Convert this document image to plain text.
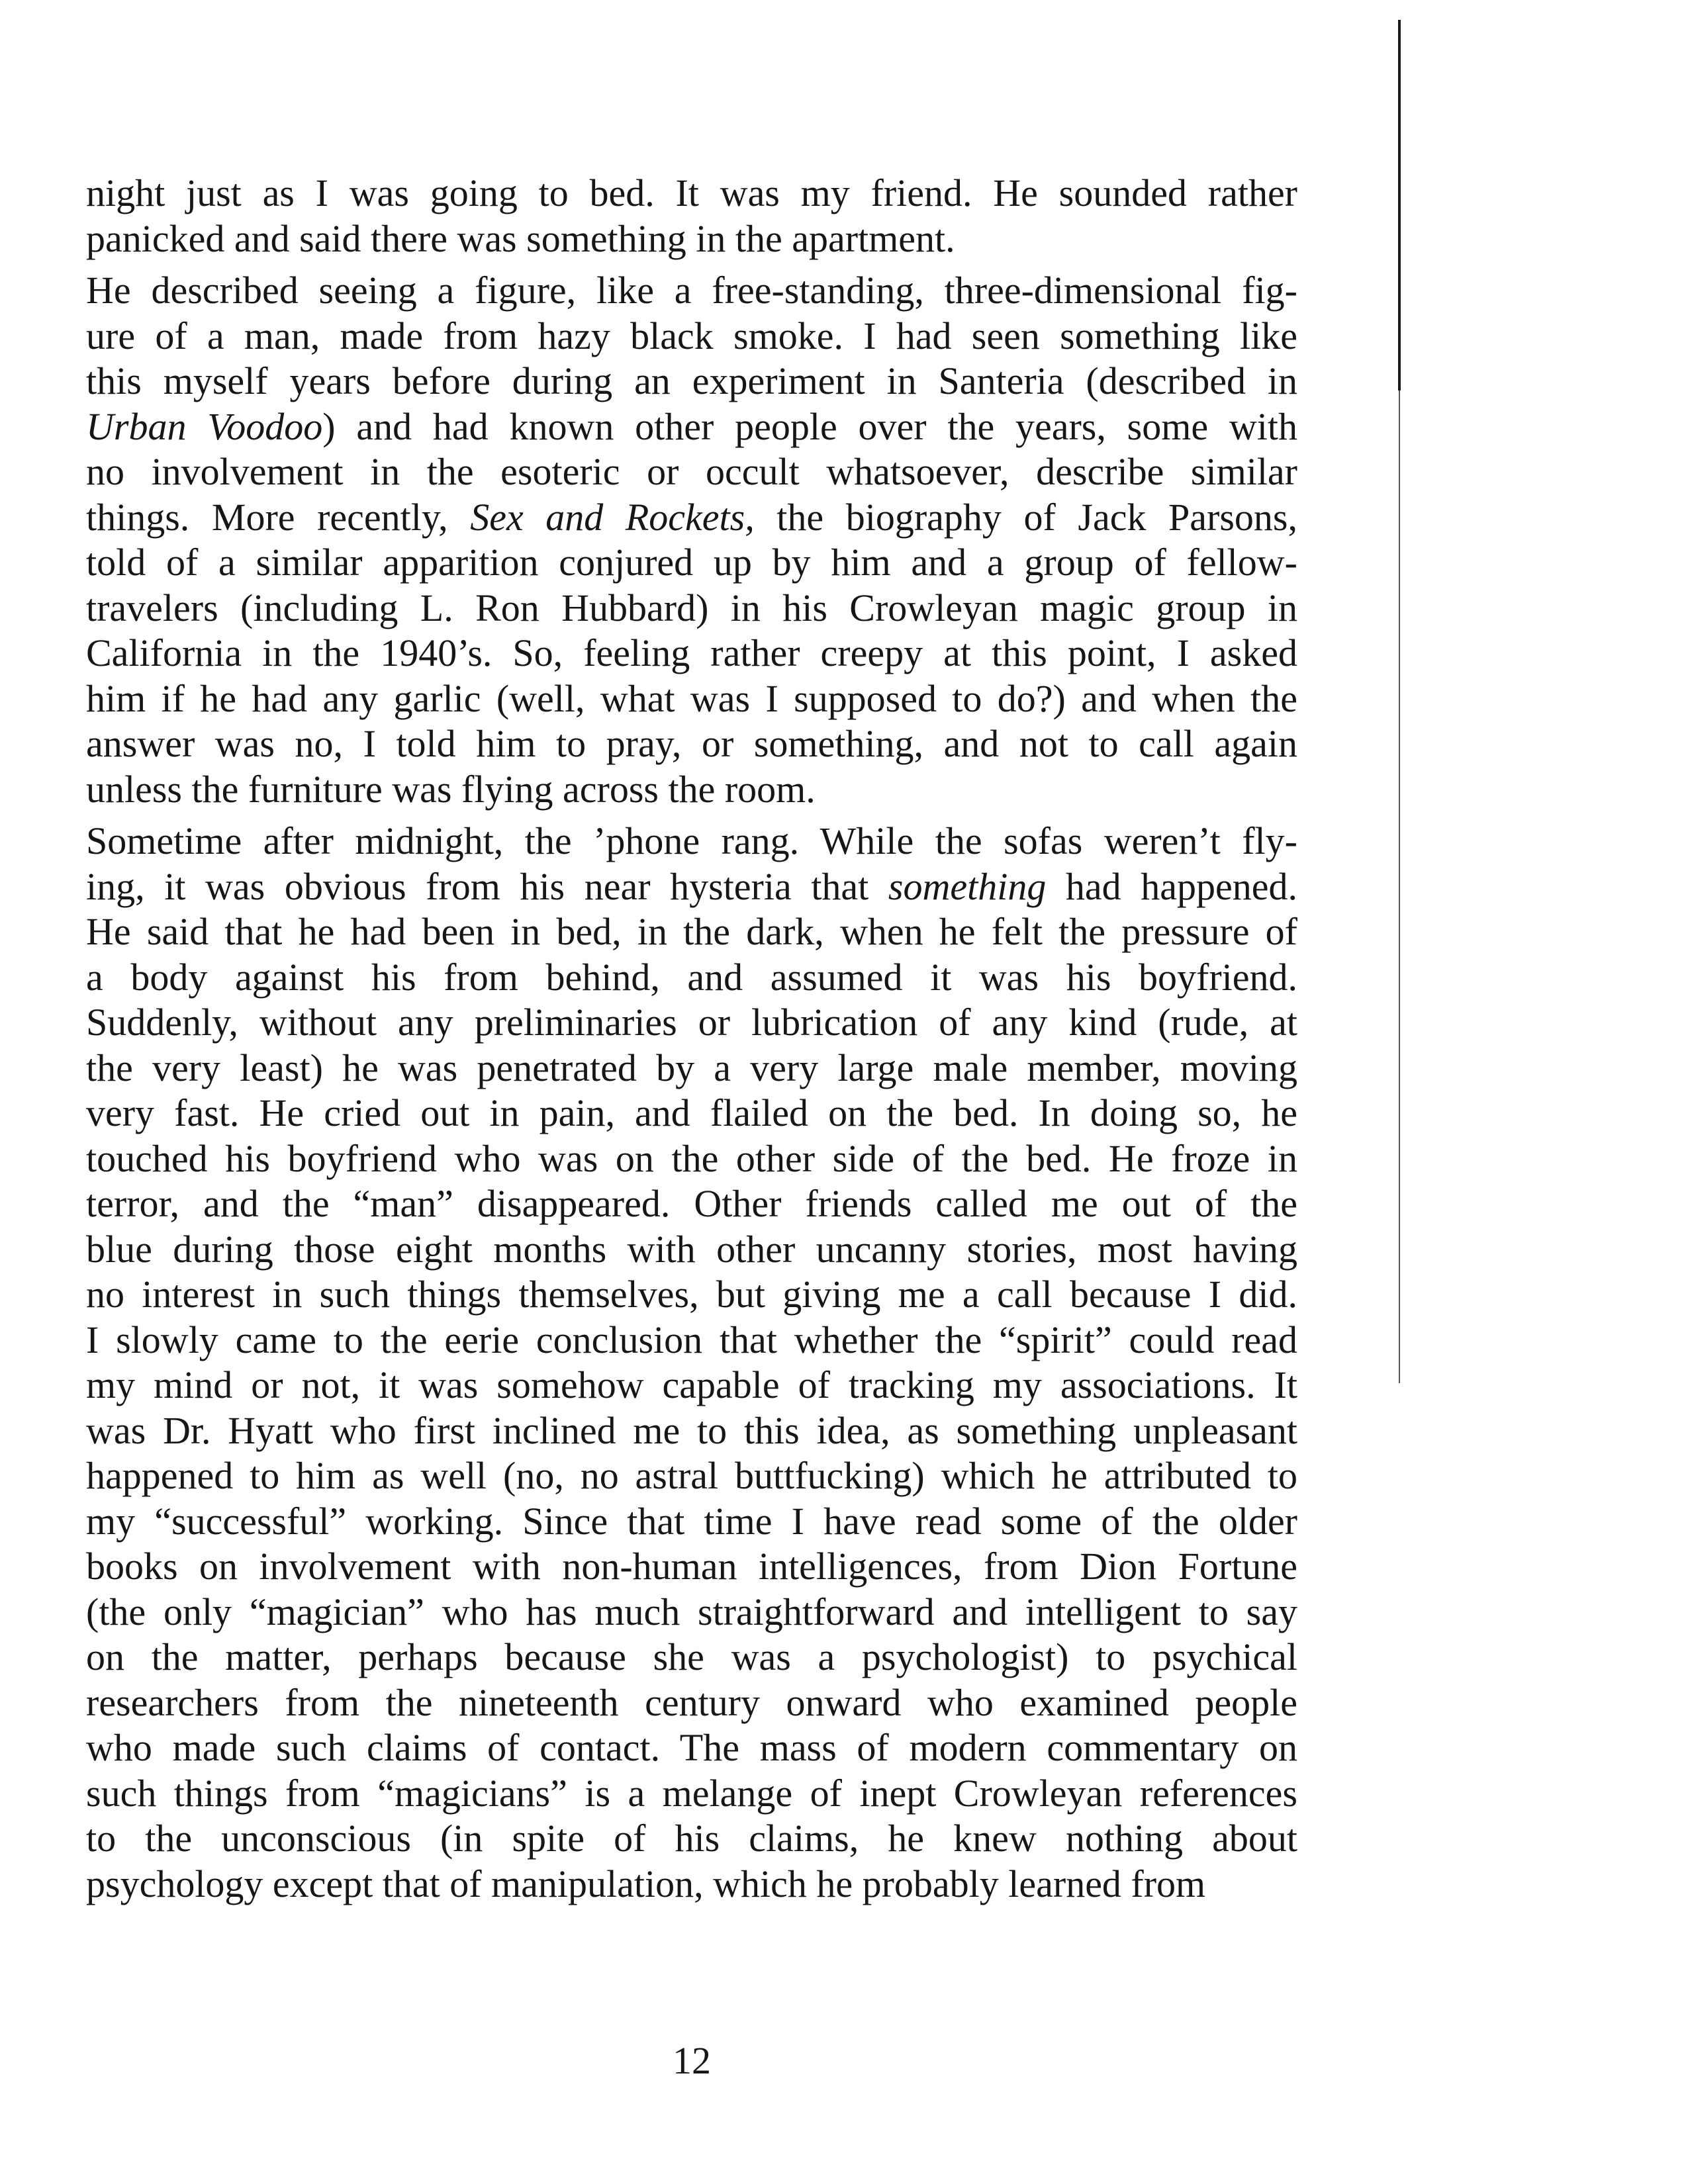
night just as I was going to bed. It was my friend. He sounded rather
panicked and said there was something in the apartment.
He described seeing a figure, like a free-standing, three-dimensional fig-
ure of a man, made from hazy black smoke. I had seen something like
this myself years before during an experiment in Santeria (described in
Urban Voodoo) and had known other people over the years, some with
no involvement in the esoteric or occult whatsoever, describe similar
things. More recently, Sex and Rockets, the biography of Jack Parsons,
told of a similar apparition conjured up by him and a group of fellow-
travelers (including L. Ron Hubbard) in his Crowleyan magic group in
California in the 1940’s. So, feeling rather creepy at this point, I asked
him if he had any garlic (well, what was I supposed to do?) and when the
answer was no, I told him to pray, or something, and not to call again
unless the furniture was flying across the room.
Sometime after midnight, the ’phone rang. While the sofas weren’t fly-
ing, it was obvious from his near hysteria that something had happened.
He said that he had been in bed, in the dark, when he felt the pressure of
a body against his from behind, and assumed it was his boyfriend.
Suddenly, without any preliminaries or lubrication of any kind (rude, at
the very least) he was penetrated by a very large male member, moving
very fast. He cried out in pain, and flailed on the bed. In doing so, he
touched his boyfriend who was on the other side of the bed. He froze in
terror, and the “man” disappeared. Other friends called me out of the
blue during those eight months with other uncanny stories, most having
no interest in such things themselves, but giving me a call because I did.
I slowly came to the eerie conclusion that whether the “spirit” could read
my mind or not, it was somehow capable of tracking my associations. It
was Dr. Hyatt who first inclined me to this idea, as something unpleasant
happened to him as well (no, no astral buttfucking) which he attributed to
my “successful” working. Since that time I have read some of the older
books on involvement with non-human intelligences, from Dion Fortune
(the only “magician” who has much straightforward and intelligent to say
on the matter, perhaps because she was a psychologist) to psychical
researchers from the nineteenth century onward who examined people
who made such claims of contact. The mass of modern commentary on
such things from “magicians” is a melange of inept Crowleyan references
to the unconscious (in spite of his claims, he knew nothing about
psychology except that of manipulation, which he probably learned from
12
